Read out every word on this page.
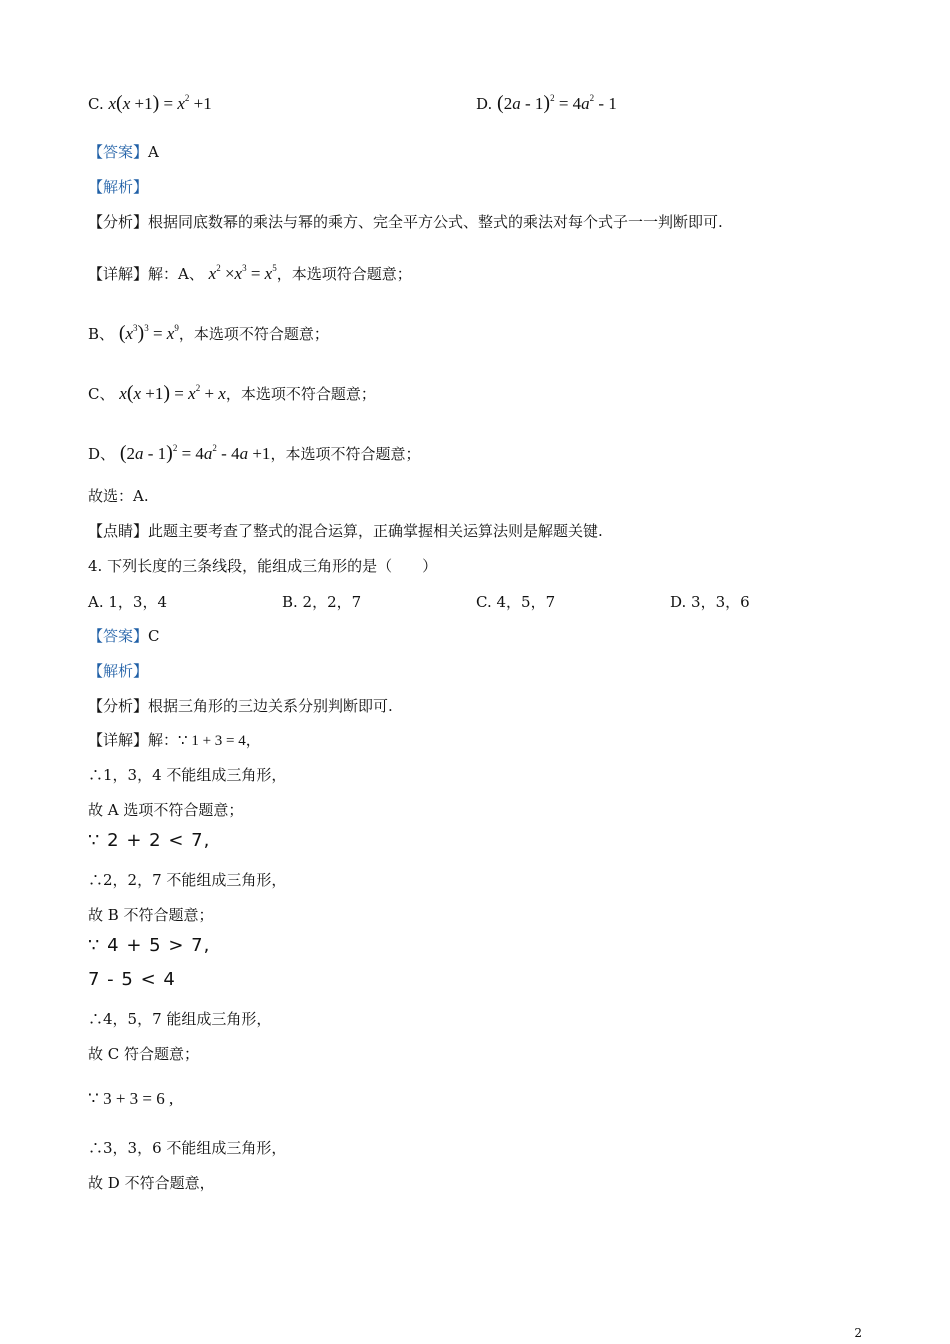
C. $x(x +1) = x^2 +1$	D. $(2a - 1)^2 = 4a^2 - 1$
【答案】A
【解析】
【分析】根据同底数幂的乘法与幂的乘方、完全平方公式、整式的乘法对每个式子一一判断即可.
【详解】解：A、 $x^2 \times x^3 = x^5$，本选项符合题意；
B、 $(x^3)^3 = x^9$，本选项不符合题意；
C、 $x(x +1) = x^2 + x$，本选项不符合题意；
D、 $(2a - 1)^2 = 4a^2 - 4a +1$，本选项不符合题意；
故选：A.
【点睛】此题主要考查了整式的混合运算，正确掌握相关运算法则是解题关键.
4. 下列长度的三条线段，能组成三角形的是（　　）
A. 1，3，4	B. 2，2，7	C. 4，5，7	D. 3，3，6
【答案】C
【解析】
【分析】根据三角形的三边关系分别判断即可.
【详解】解：∵ 1 + 3 = 4，
∴1，3，4 不能组成三角形，
故 A 选项不符合题意；
∵ 2 + 2 < 7,
∴2，2，7 不能组成三角形，
故 B 不符合题意；
∵ 4 + 5 > 7,
7 - 5 < 4
∴4，5，7 能组成三角形，
故 C 符合题意；
∵ 3 + 3 = 6 ,
∴3，3，6 不能组成三角形，
故 D 不符合题意，
2
